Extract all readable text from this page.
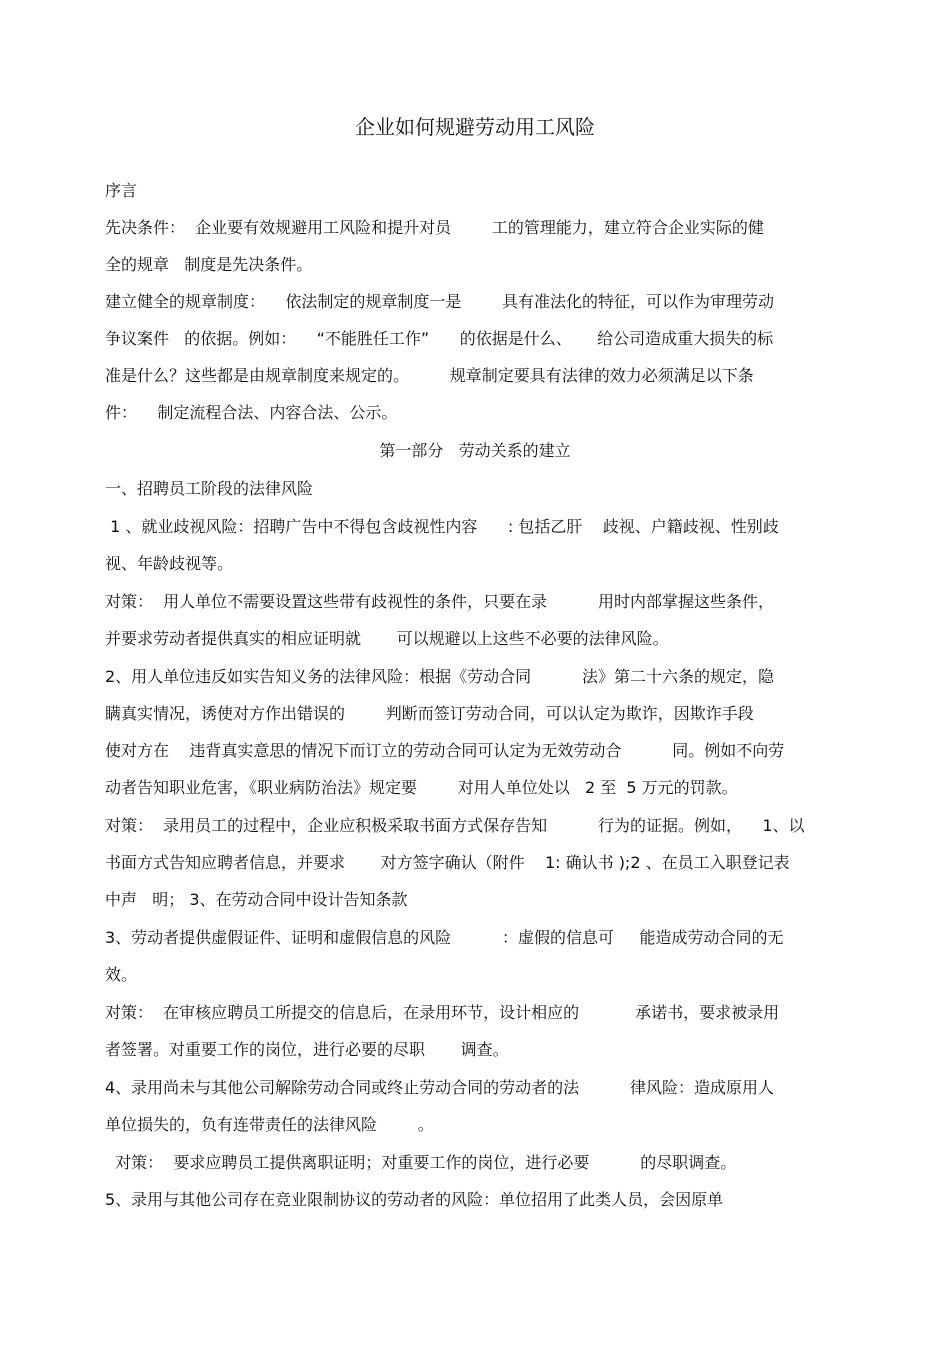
企业如何规避劳动用工风险
序言
先决条件：  企业要有效规避用工风险和提升对员        工的管理能力，建立符合企业实际的健
全的规章   制度是先决条件。
建立健全的规章制度：    依法制定的规章制度一是        具有准法化的特征，可以作为审理劳动
争议案件   的依据。例如：    “不能胜任工作”      的依据是什么、     给公司造成重大损失的标
准是什么？这些都是由规章制度来规定的。        规章制定要具有法律的效力必须满足以下条
件：    制定流程合法、内容合法、公示。
第一部分   劳动关系的建立
一、招聘员工阶段的法律风险
1 、就业歧视风险：招聘广告中不得包含歧视性内容      : 包括乙肝    歧视、户籍歧视、性别歧
视、年龄歧视等。
对策：  用人单位不需要设置这些带有歧视性的条件，只要在录          用时内部掌握这些条件，
并要求劳动者提供真实的相应证明就       可以规避以上这些不必要的法律风险。
2、用人单位违反如实告知义务的法律风险：根据《劳动合同          法》第二十六条的规定，隐
瞒真实情况，诱使对方作出错误的        判断而签订劳动合同，可以认定为欺诈，因欺诈手段
使对方在    违背真实意思的情况下而订立的劳动合同可认定为无效劳动合          同。例如不向劳
动者告知职业危害，《职业病防治法》规定要        对用人单位处以   2 至  5 万元的罚款。
对策：  录用员工的过程中，企业应积极采取书面方式保存告知          行为的证据。例如，    1、以
书面方式告知应聘者信息，并要求       对方签字确认（附件    1: 确认书 );2 、在员工入职登记表
中声   明； 3、在劳动合同中设计告知条款
3、劳动者提供虚假证件、证明和虚假信息的风险          ：虚假的信息可     能造成劳动合同的无
效。
对策：  在审核应聘员工所提交的信息后，在录用环节，设计相应的           承诺书，要求被录用
者签署。对重要工作的岗位，进行必要的尽职       调查。
4、录用尚未与其他公司解除劳动合同或终止劳动合同的劳动者的法          律风险：造成原用人
单位损失的，负有连带责任的法律风险        。
对策：  要求应聘员工提供离职证明；对重要工作的岗位，进行必要          的尽职调查。
5、录用与其他公司存在竞业限制协议的劳动者的风险：单位招用了此类人员，会因原单
